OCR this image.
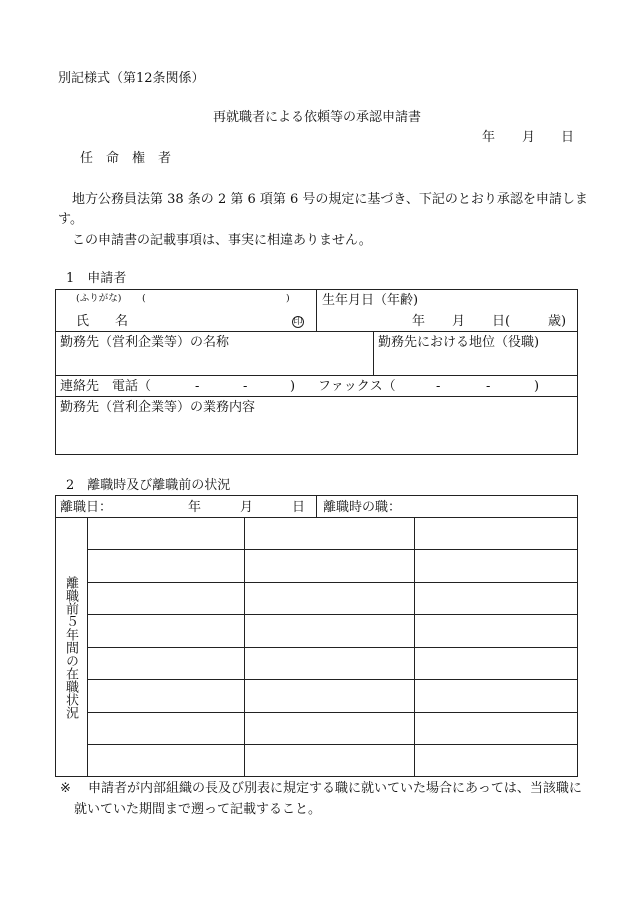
別記様式（第12条関係）
再就職者による依頼等の承認申請書
年 月 日
任　命　権　者
地方公務員法第 38 条の 2 第 6 項第 6 号の規定に基づき、下記のとおり承認を申請しま
す。
この申請書の記載事項は、事実に相違ありません。
1　申請者
(ふりがな) (	)
氏　　名	印
生年月日（年齢)
年 月 日(	歳)
勤務先（営利企業等）の名称	勤務先における地位（役職)
連絡先　電話（	-	-	) ファックス（	-	-	)
勤務先（営利企業等）の業務内容
2　離職時及び離職前の状況
離職日：	年	月	日 離職時の職：
離職前５年間の在職状況
※ 申請者が内部組織の長及び別表に規定する職に就いていた場合にあっては、当該職に
就いていた期間まで遡って記載すること。
